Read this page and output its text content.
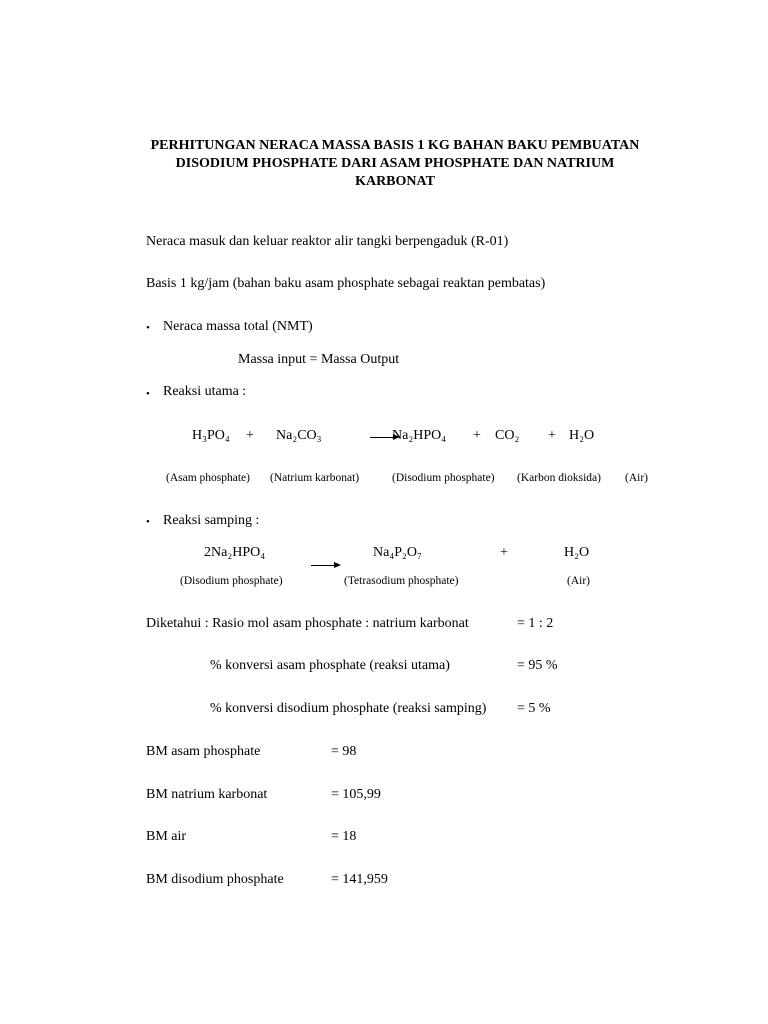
PERHITUNGAN NERACA MASSA BASIS 1 KG BAHAN BAKU PEMBUATAN
DISODIUM PHOSPHATE DARI ASAM PHOSPHATE DAN NATRIUM
KARBONAT
Neraca masuk dan keluar reaktor alir tangki berpengaduk (R-01)
Basis 1 kg/jam (bahan baku asam phosphate sebagai reaktan pembatas)
• Neraca massa total (NMT)
Massa input = Massa Output
• Reaksi utama :
H₃PO₄ + Na₂CO₃	Na₂HPO₄ + CO₂ + H₂O
(Asam phosphate) (Natrium karbonat)	(Disodium phosphate) (Karbon dioksida) (Air)
• Reaksi samping :
2Na₂HPO₄	Na₄P₂O₇	+	H₂O
(Disodium phosphate)	(Tetrasodium phosphate)	(Air)
Diketahui : Rasio mol asam phosphate : natrium karbonat	= 1 : 2
% konversi asam phosphate (reaksi utama)	= 95 %
% konversi disodium phosphate (reaksi samping) = 5 %
BM asam phosphate	= 98
BM natrium karbonat	= 105,99
BM air	= 18
BM disodium phosphate	= 141,959
